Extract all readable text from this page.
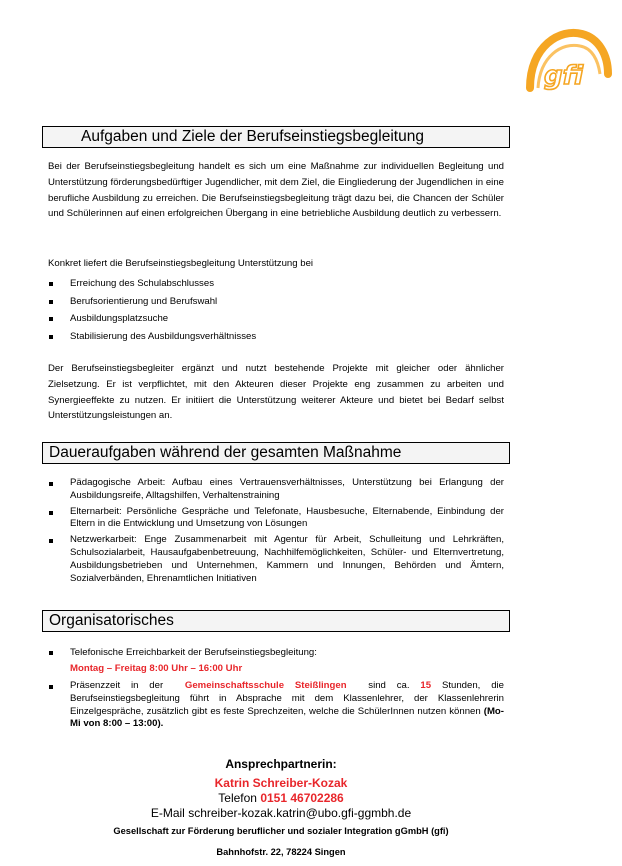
gfi
Aufgaben und Ziele der Berufseinstiegsbegleitung
Bei der Berufseinstiegsbegleitung handelt es sich um eine Maßnahme zur individuellen Begleitung und Unterstützung förderungsbedürftiger Jugendlicher, mit dem Ziel, die Eingliederung der Jugendlichen in eine berufliche Ausbildung zu erreichen. Die Berufseinstiegsbegleitung trägt dazu bei, die Chancen der Schüler und Schülerinnen auf einen erfolgreichen Übergang in eine betriebliche Ausbildung deutlich zu verbessern.
Konkret liefert die Berufseinstiegsbegleitung Unterstützung bei
Erreichung des Schulabschlusses
Berufsorientierung und Berufswahl
Ausbildungsplatzsuche
Stabilisierung des Ausbildungsverhältnisses
Der Berufseinstiegsbegleiter ergänzt und nutzt bestehende Projekte mit gleicher oder ähnlicher Zielsetzung. Er ist verpflichtet, mit den Akteuren dieser Projekte eng zusammen zu arbeiten und Synergieeffekte zu nutzen. Er initiiert die Unterstützung weiterer Akteure und bietet bei Bedarf selbst Unterstützungsleistungen an.
Daueraufgaben während der gesamten Maßnahme
Pädagogische Arbeit: Aufbau eines Vertrauensverhältnisses, Unterstützung bei Erlangung der Ausbildungsreife, Alltagshilfen, Verhaltenstraining
Elternarbeit: Persönliche Gespräche und Telefonate, Hausbesuche, Elternabende, Einbindung der Eltern in die Entwicklung und Umsetzung von Lösungen
Netzwerkarbeit: Enge Zusammenarbeit mit Agentur für Arbeit, Schulleitung und Lehrkräften, Schulsozialarbeit, Hausaufgabenbetreuung, Nachhilfemöglichkeiten, Schüler- und Elternvertretung, Ausbildungsbetrieben und Unternehmen, Kammern und Innungen, Behörden und Ämtern, Sozialverbänden, Ehrenamtlichen Initiativen
Organisatorisches
Telefonische Erreichbarkeit der Berufseinstiegsbegleitung:
Montag – Freitag 8:00 Uhr – 16:00 Uhr
Präsenzzeit in der Gemeinschaftsschule Steißlingen sind ca. 15 Stunden, die Berufseinstiegsbegleitung führt in Absprache mit dem Klassenlehrer, der Klassenlehrerin Einzelgespräche, zusätzlich gibt es feste Sprechzeiten, welche die SchülerInnen nutzen können (Mo-Mi von 8:00 – 13:00).
Ansprechpartnerin:
Katrin Schreiber-Kozak
Telefon 0151 46702286
E-Mail schreiber-kozak.katrin@ubo.gfi-ggmbh.de
Gesellschaft zur Förderung beruflicher und sozialer Integration gGmbH (gfi)
Bahnhofstr. 22, 78224 Singen
